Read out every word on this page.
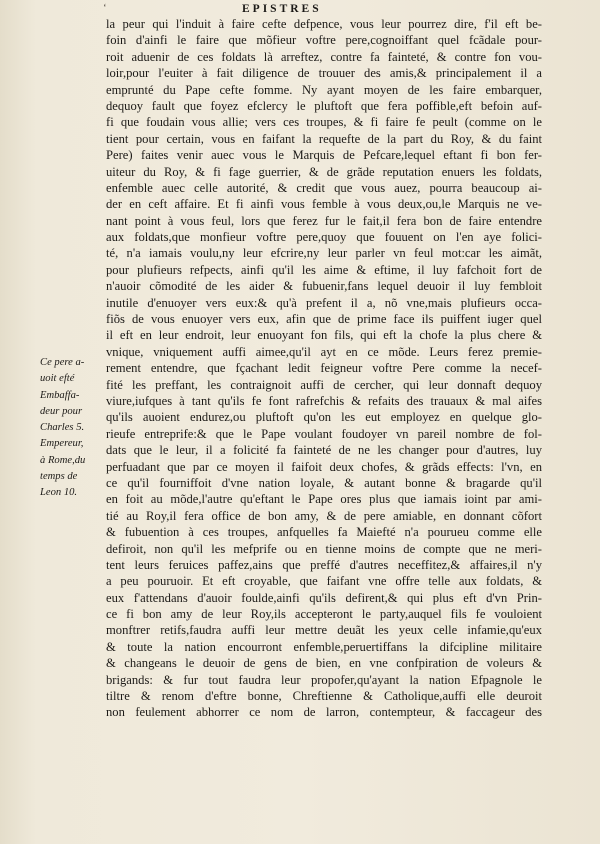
ʻ	EPISTRES
la peur qui l'induit à faire cefte defpence, vous leur pourrez dire, f'il eft be-
foin d'ainfi le faire que mõfieur voftre pere,cognoiffant quel fcãdale pour-
roit aduenir de ces foldats là arreftez, contre fa fainteté, & contre fon vou-
loir,pour l'euiter à fait diligence de trouuer des amis,& principalement il a
emprunté du Pape cefte fomme. Ny ayant moyen de les faire embarquer,
dequoy fault que foyez efclercy le pluftoft que fera poffible,eft befoin auf-
fi que foudain vous allie; vers ces troupes, & fi faire fe peult (comme on le
tient pour certain, vous en faifant la requefte de la part du Roy, & du faint
Pere) faites venir auec vous le Marquis de Pefcare,lequel eftant fi bon fer-
uiteur du Roy, & fi fage guerrier, & de grãde reputation enuers les foldats,
enfemble auec celle autorité, & credit que vous auez, pourra beaucoup ai-
der en ceft affaire. Et fi ainfi vous femble à vous deux,ou,le Marquis ne ve-
nant point à vous feul, lors que ferez fur le fait,il fera bon de faire entendre
aux foldats,que monfieur voftre pere,quoy que fouuent on l'en aye folici-
té, n'a iamais voulu,ny leur efcrire,ny leur parler vn feul mot:car les aimãt,
pour plufieurs refpects, ainfi qu'il les aime & eftime, il luy fafchoit fort de
n'auoir cõmodité de les aider & fubuenir,fans lequel deuoir il luy fembloit
inutile d'enuoyer vers eux:& qu'à prefent il a, nõ vne,mais plufieurs occa-
fiõs de vous enuoyer vers eux, afin que de prime face ils puiffent iuger quel
il eft en leur endroit, leur enuoyant fon fils, qui eft la chofe la plus chere &
vnique, vniquement auffi aimee,qu'il ayt en ce mõde. Leurs ferez premie-
rement entendre, que fçachant ledit feigneur voftre Pere comme la necef-
fité les preffant, les contraignoit auffi de cercher, qui leur donnaft dequoy
viure,iufques à tant qu'ils fe font rafrefchis & refaits des trauaux & mal aifes
qu'ils auoient endurez,ou pluftoft qu'on les eut employez en quelque glo-
rieufe entreprife:& que le Pape voulant foudoyer vn pareil nombre de fol-
dats que le leur, il a folicité fa fainteté de ne les changer pour d'autres, luy
perfuadant que par ce moyen il faifoit deux chofes, & grãds effects: l'vn, en
ce qu'il fourniffoit d'vne nation loyale, & autant bonne & bragarde qu'il
en foit au mõde,l'autre qu'eftant le Pape ores plus que iamais ioint par ami-
tié au Roy,il fera office de bon amy, & de pere amiable, en donnant cõfort
& fubuention à ces troupes, anfquelles fa Maiefté n'a pourueu comme elle
defiroit, non qu'il les mefprife ou en tienne moins de compte que ne meri-
tent leurs feruices paffez,ains que preffé d'autres neceffitez,& affaires,il n'y
a peu pouruoir. Et eft croyable, que faifant vne offre telle aux foldats, &
eux f'attendans d'auoir foulde,ainfi qu'ils defirent,& qui plus eft d'vn Prin-
ce fi bon amy de leur Roy,ils accepteront le party,auquel fils fe vouloient
monftrer retifs,faudra auffi leur mettre deuãt les yeux celle infamie,qu'eux
& toute la nation encourront enfemble,peruertiffans la difcipline militaire
& changeans le deuoir de gens de bien, en vne confpiration de voleurs &
brigands: & fur tout faudra leur propofer,qu'ayant la nation Efpagnole le
tiltre & renom d'eftre bonne, Chreftienne & Catholique,auffi elle deuroit
non feulement abhorrer ce nom de larron, contempteur, & faccageur des
Ce pere a-
uoit efté
Embaffa-
deur pour
Charles 5.
Empereur,
à Rome,du
temps de
Leon 10.
